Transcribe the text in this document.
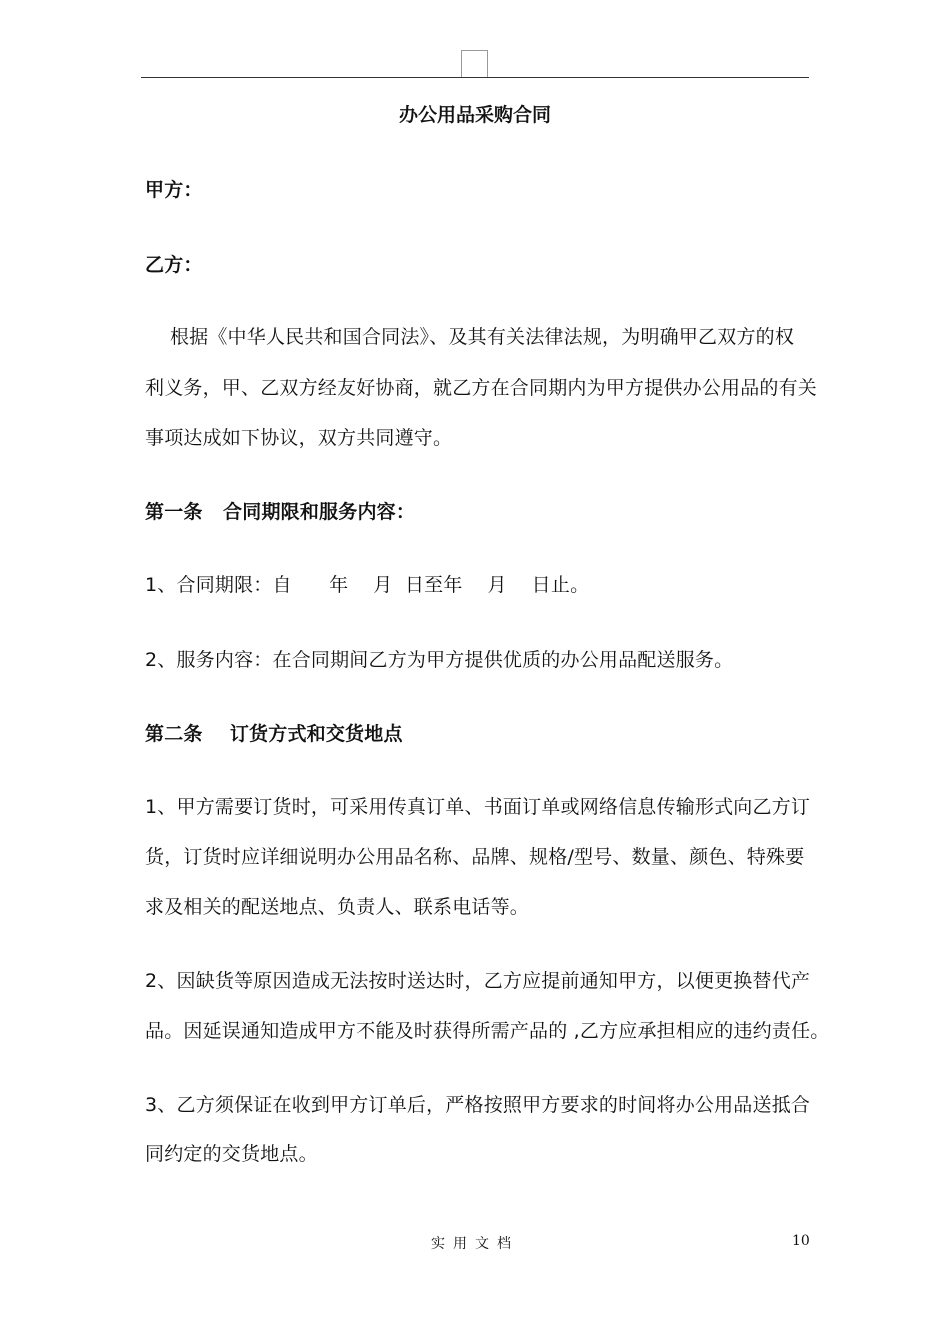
办公用品采购合同
甲方：
乙方：
根据《中华人民共和国合同法》、及其有关法律法规，为明确甲乙双方的权
利义务，甲、乙双方经友好协商，就乙方在合同期内为甲方提供办公用品的有关
事项达成如下协议，双方共同遵守。
第一条   合同期限和服务内容：
1、合同期限：自      年    月  日至年    月    日止。
2、服务内容：在合同期间乙方为甲方提供优质的办公用品配送服务。
第二条    订货方式和交货地点
1、甲方需要订货时，可采用传真订单、书面订单或网络信息传输形式向乙方订
货，订货时应详细说明办公用品名称、品牌、规格/型号、数量、颜色、特殊要
求及相关的配送地点、负责人、联系电话等。
2、因缺货等原因造成无法按时送达时，乙方应提前通知甲方，以便更换替代产
品。因延误通知造成甲方不能及时获得所需产品的 ,乙方应承担相应的违约责任。
3、乙方须保证在收到甲方订单后，严格按照甲方要求的时间将办公用品送抵合
同约定的交货地点。
实用文档	10
